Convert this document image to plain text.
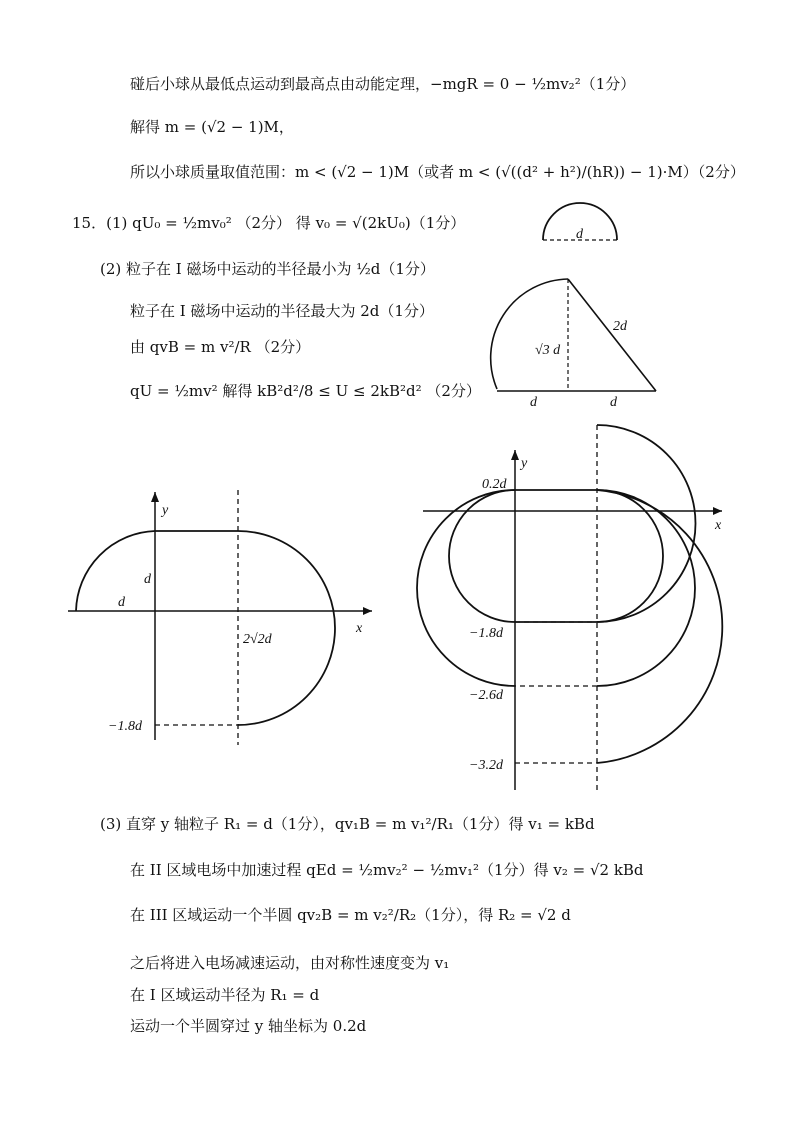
碰后小球从最低点运动到最高点由动能定理，−mgR = 0 − ½mv₂²（1分）
解得 m = (√2 − 1)M，
所以小球质量取值范围：m < (√2 − 1)M（或者 m < (√((d² + h²)/(hR)) − 1)·M）（2分）
15．(1) qU₀ = ½mv₀² （2分） 得 v₀ = √(2kU₀)（1分）
(2) 粒子在 I 磁场中运动的半径最小为 ½d（1分）
粒子在 I 磁场中运动的半径最大为 2d（1分）
由 qvB = m v²/R （2分）
qU = ½mv² 解得 kB²d²/8 ≤ U ≤ 2kB²d² （2分）
(3) 直穿 y 轴粒子 R₁ = d（1分），qv₁B = m v₁²/R₁（1分）得 v₁ = kBd
在 II 区域电场中加速过程 qEd = ½mv₂² − ½mv₁²（1分）得 v₂ = √2 kBd
在 III 区域运动一个半圆 qv₂B = m v₂²/R₂（1分），得 R₂ = √2 d
之后将进入电场减速运动，由对称性速度变为 v₁
在 I 区域运动半径为 R₁ = d
运动一个半圆穿过 y 轴坐标为 0.2d
d
2d
√3 d
d	d
y
x
d
d
2√2d
−1.8d
y
x
0.2d
−1.8d
−2.6d
−3.2d
